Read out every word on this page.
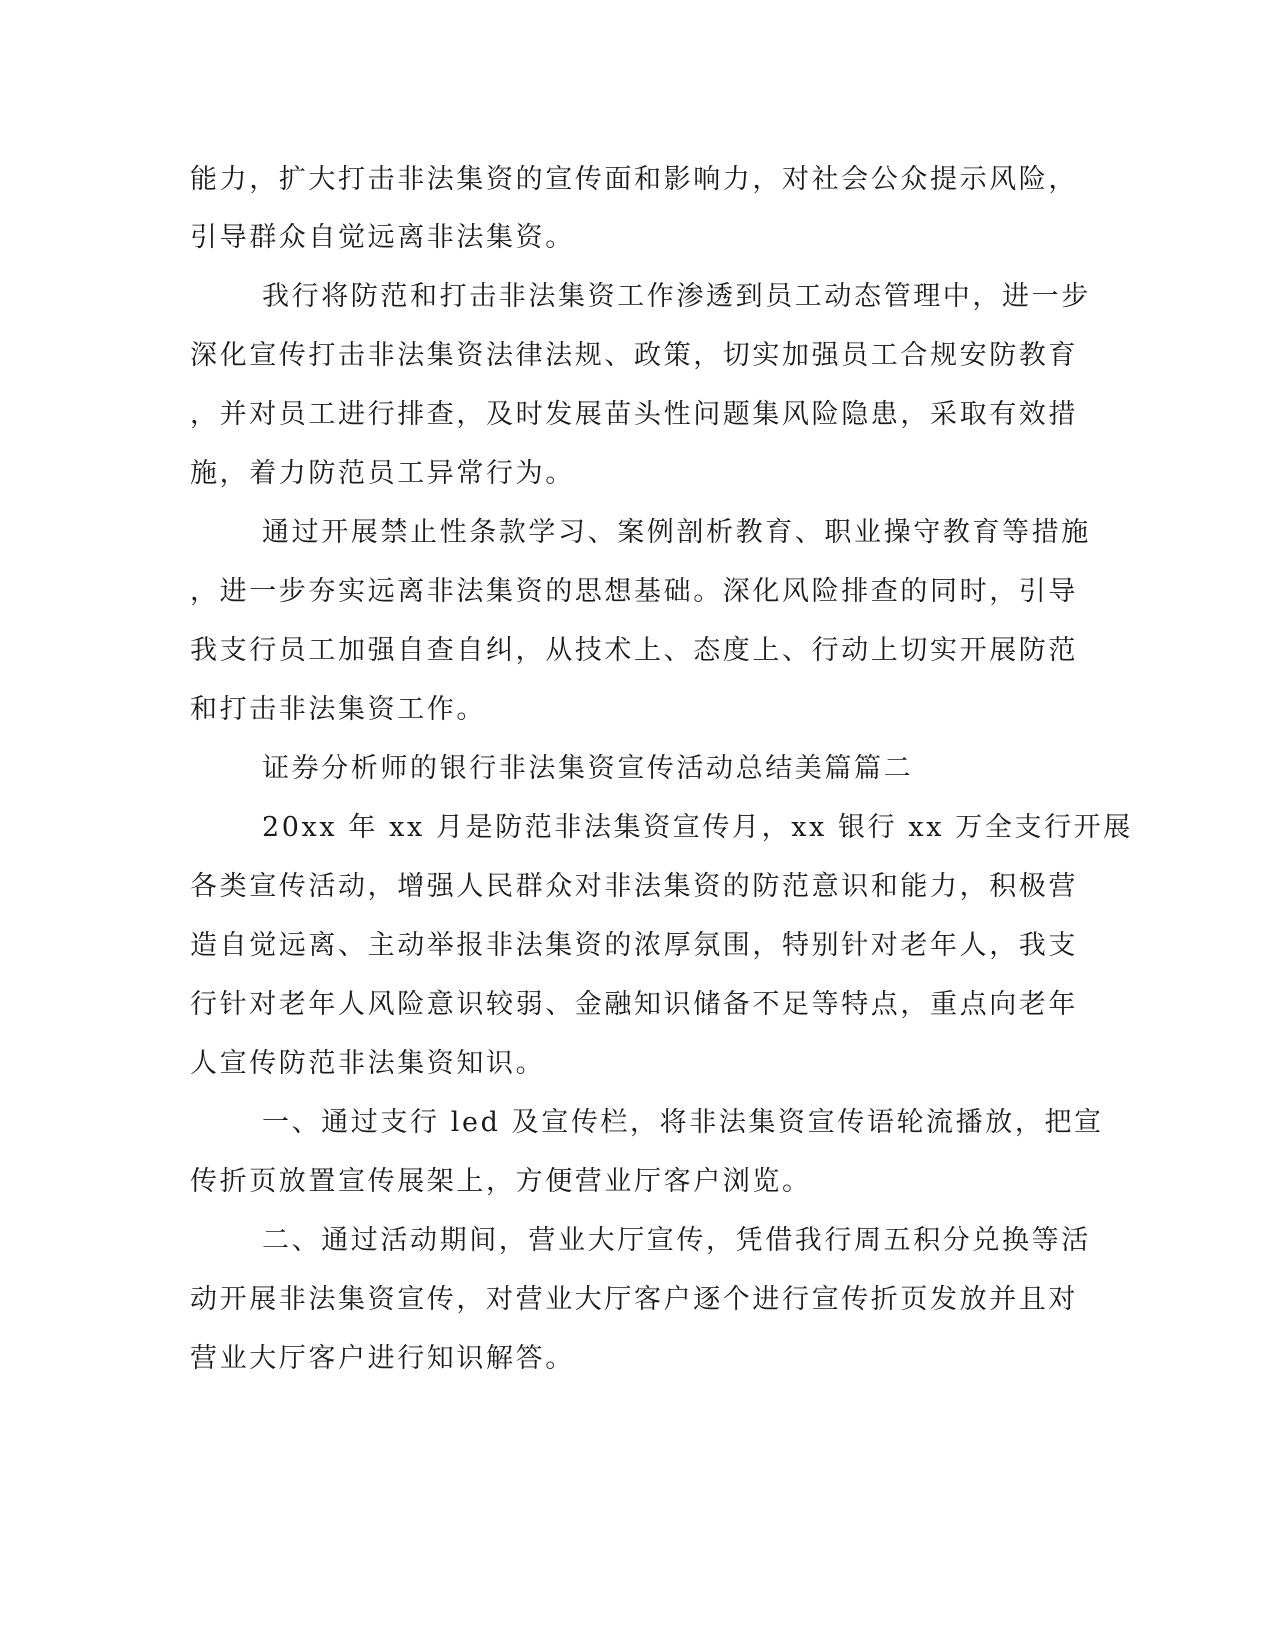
能力，扩大打击非法集资的宣传面和影响力，对社会公众提示风险，
引导群众自觉远离非法集资。
我行将防范和打击非法集资工作渗透到员工动态管理中，进一步
深化宣传打击非法集资法律法规、政策，切实加强员工合规安防教育
，并对员工进行排查，及时发展苗头性问题集风险隐患，采取有效措
施，着力防范员工异常行为。
通过开展禁止性条款学习、案例剖析教育、职业操守教育等措施
，进一步夯实远离非法集资的思想基础。深化风险排查的同时，引导
我支行员工加强自查自纠，从技术上、态度上、行动上切实开展防范
和打击非法集资工作。
证券分析师的银行非法集资宣传活动总结美篇篇二
20xx 年 xx 月是防范非法集资宣传月，xx 银行 xx 万全支行开展
各类宣传活动，增强人民群众对非法集资的防范意识和能力，积极营
造自觉远离、主动举报非法集资的浓厚氛围，特别针对老年人，我支
行针对老年人风险意识较弱、金融知识储备不足等特点，重点向老年
人宣传防范非法集资知识。
一、通过支行 led 及宣传栏，将非法集资宣传语轮流播放，把宣
传折页放置宣传展架上，方便营业厅客户浏览。
二、通过活动期间，营业大厅宣传，凭借我行周五积分兑换等活
动开展非法集资宣传，对营业大厅客户逐个进行宣传折页发放并且对
营业大厅客户进行知识解答。
